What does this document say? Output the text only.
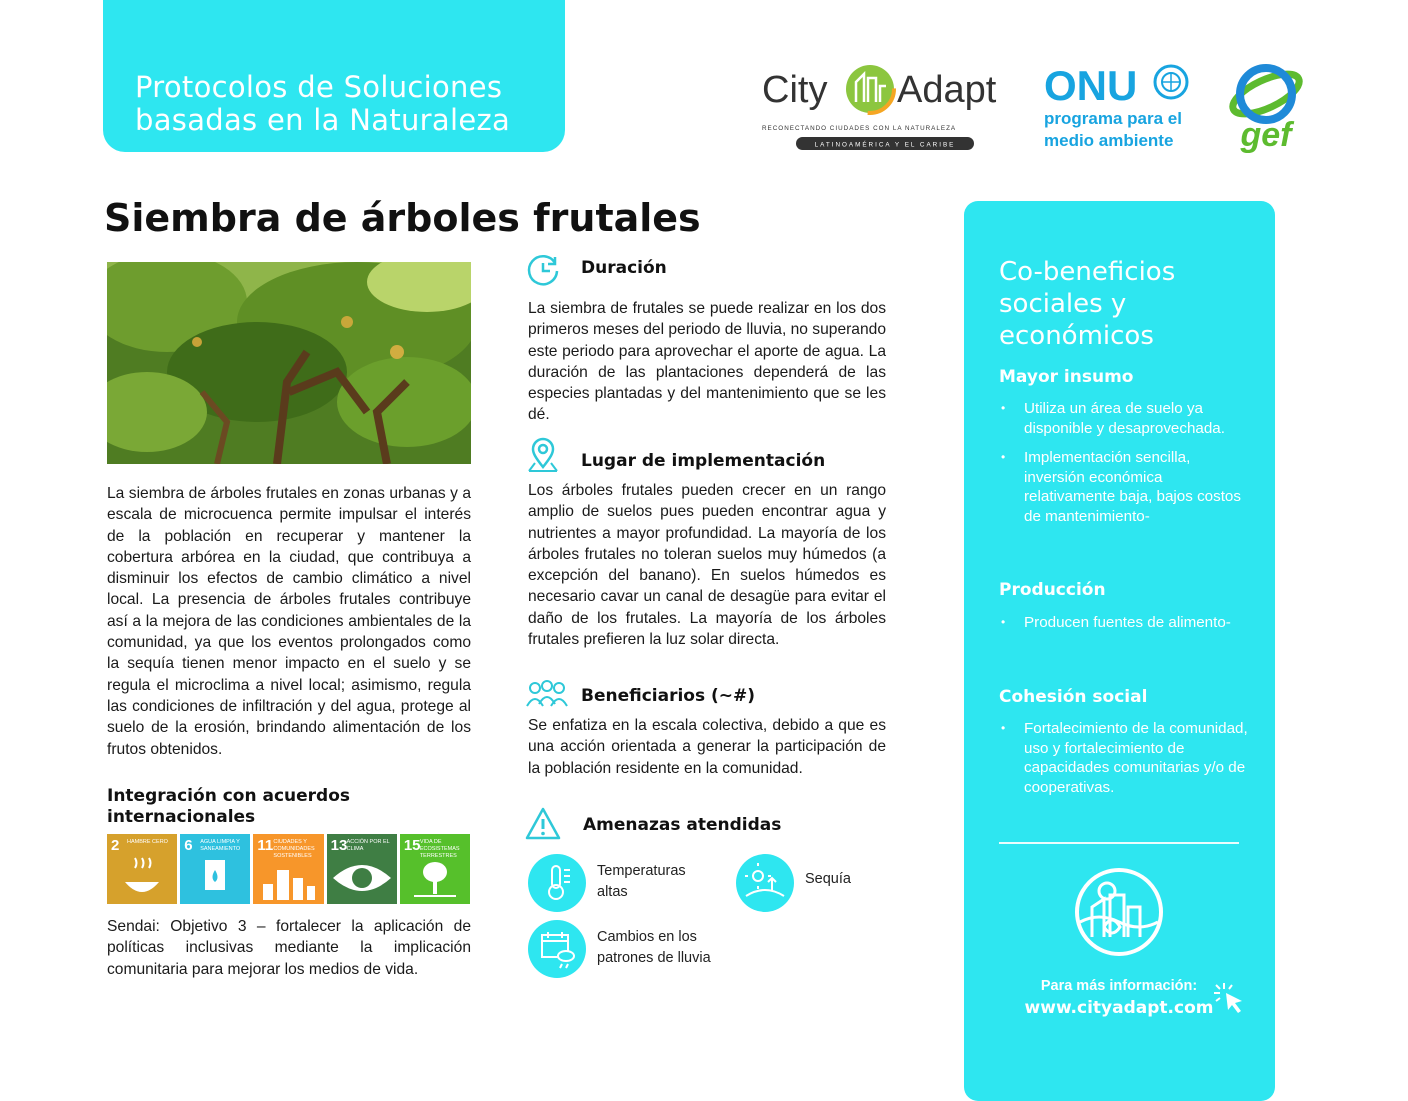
Protocolos de Soluciones
basadas en la Naturaleza
City Adapt
RECONECTANDO CIUDADES CON LA NATURALEZA
LATINOAMÉRICA Y EL CARIBE
ONU
programa para el
medio ambiente gef
Siembra de árboles frutales
La siembra de árboles frutales en zonas urbanas y a escala de microcuenca permite impulsar el interés de la población en recuperar y mantener la cobertura arbórea en la ciudad, que contribuya a disminuir los efectos de cambio climático a nivel local. La presencia de árboles frutales contribuye así a la mejora de las condiciones ambientales de la comunidad, ya que los eventos prolongados como la sequía tienen menor impacto en el suelo y se regula el microclima a nivel local; asimismo, regula las condiciones de infiltración y del agua, protege al suelo de la erosión, brindando alimentación de los frutos obtenidos.
Integración con acuerdos
internacionales
2 HAMBRE CERO	6 AGUA LIMPIA Y SANEAMIENTO	11 CIUDADES Y COMUNIDADES SOSTENIBLES
13 ACCIÓN POR EL CLIMA	15 VIDA DE ECOSISTEMAS TERRESTRES
Sendai: Objetivo 3 – fortalecer la aplicación de políticas inclusivas mediante la implicación comunitaria para mejorar los medios de vida.
Duración
La siembra de frutales se puede realizar en los dos primeros meses del periodo de lluvia, no superando este periodo para aprovechar el aporte de agua. La duración de las plantaciones dependerá de las especies plantadas y del mantenimiento que se les dé.
Lugar de implementación
Los árboles frutales pueden crecer en un rango amplio de suelos pues pueden encontrar agua y nutrientes a mayor profundidad. La mayoría de los árboles frutales no toleran suelos muy húmedos (a excepción del banano). En suelos húmedos es necesario cavar un canal de desagüe para evitar el daño de los frutales. La mayoría de los árboles frutales prefieren la luz solar directa.
Beneficiarios (~#)
Se enfatiza en la escala colectiva, debido a que es una acción orientada a generar la participación de la población residente en la comunidad.
Amenazas atendidas
Temperaturas
altas
Sequía
Cambios en los
patrones de lluvia
Co-beneficios sociales y económicos
Mayor insumo
• Utiliza un área de suelo ya disponible y desaprovechada.
• Implementación sencilla, inversión económica relativamente baja, bajos costos de mantenimiento-
Producción
• Producen fuentes de alimento-
Cohesión social
• Fortalecimiento de la comunidad, uso y fortalecimiento de capacidades comunitarias y/o de cooperativas.
Para más información:
www.cityadapt.com
